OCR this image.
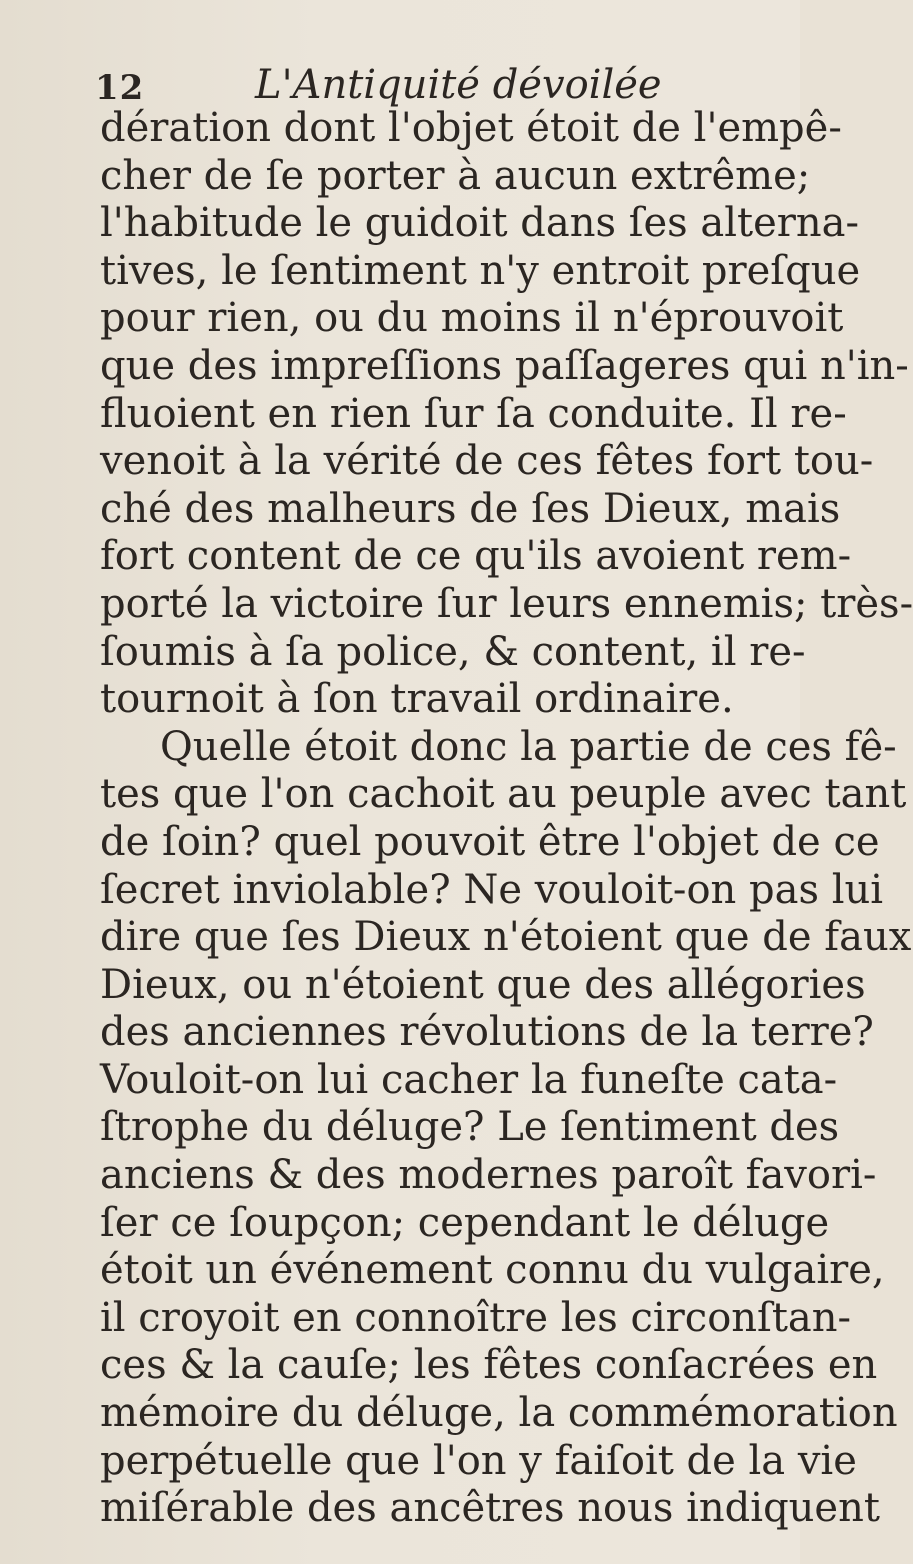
12	L'Antiquité dévoilée
dération dont l'objet étoit de l'empê-
cher de ſe porter à aucun extrême;
l'habitude le guidoit dans ſes alterna-
tives, le ſentiment n'y entroit preſque
pour rien, ou du moins il n'éprouvoit
que des impreſſions paſſageres qui n'in-
fluoient en rien ſur ſa conduite. Il re-
venoit à la vérité de ces fêtes fort tou-
ché des malheurs de ſes Dieux, mais
fort content de ce qu'ils avoient rem-
porté la victoire ſur leurs ennemis; très-
ſoumis à ſa police, & content, il re-
tournoit à ſon travail ordinaire.
Quelle étoit donc la partie de ces fê-
tes que l'on cachoit au peuple avec tant
de ſoin? quel pouvoit être l'objet de ce
ſecret inviolable? Ne vouloit-on pas lui
dire que ſes Dieux n'étoient que de faux
Dieux, ou n'étoient que des allégories
des anciennes révolutions de la terre?
Vouloit-on lui cacher la funeſte cata-
ſtrophe du déluge? Le ſentiment des
anciens & des modernes paroît favori-
ſer ce ſoupçon; cependant le déluge
étoit un événement connu du vulgaire,
il croyoit en connoître les circonſtan-
ces & la cauſe; les fêtes conſacrées en
mémoire du déluge, la commémoration
perpétuelle que l'on y faiſoit de la vie
miſérable des ancêtres nous indiquent
